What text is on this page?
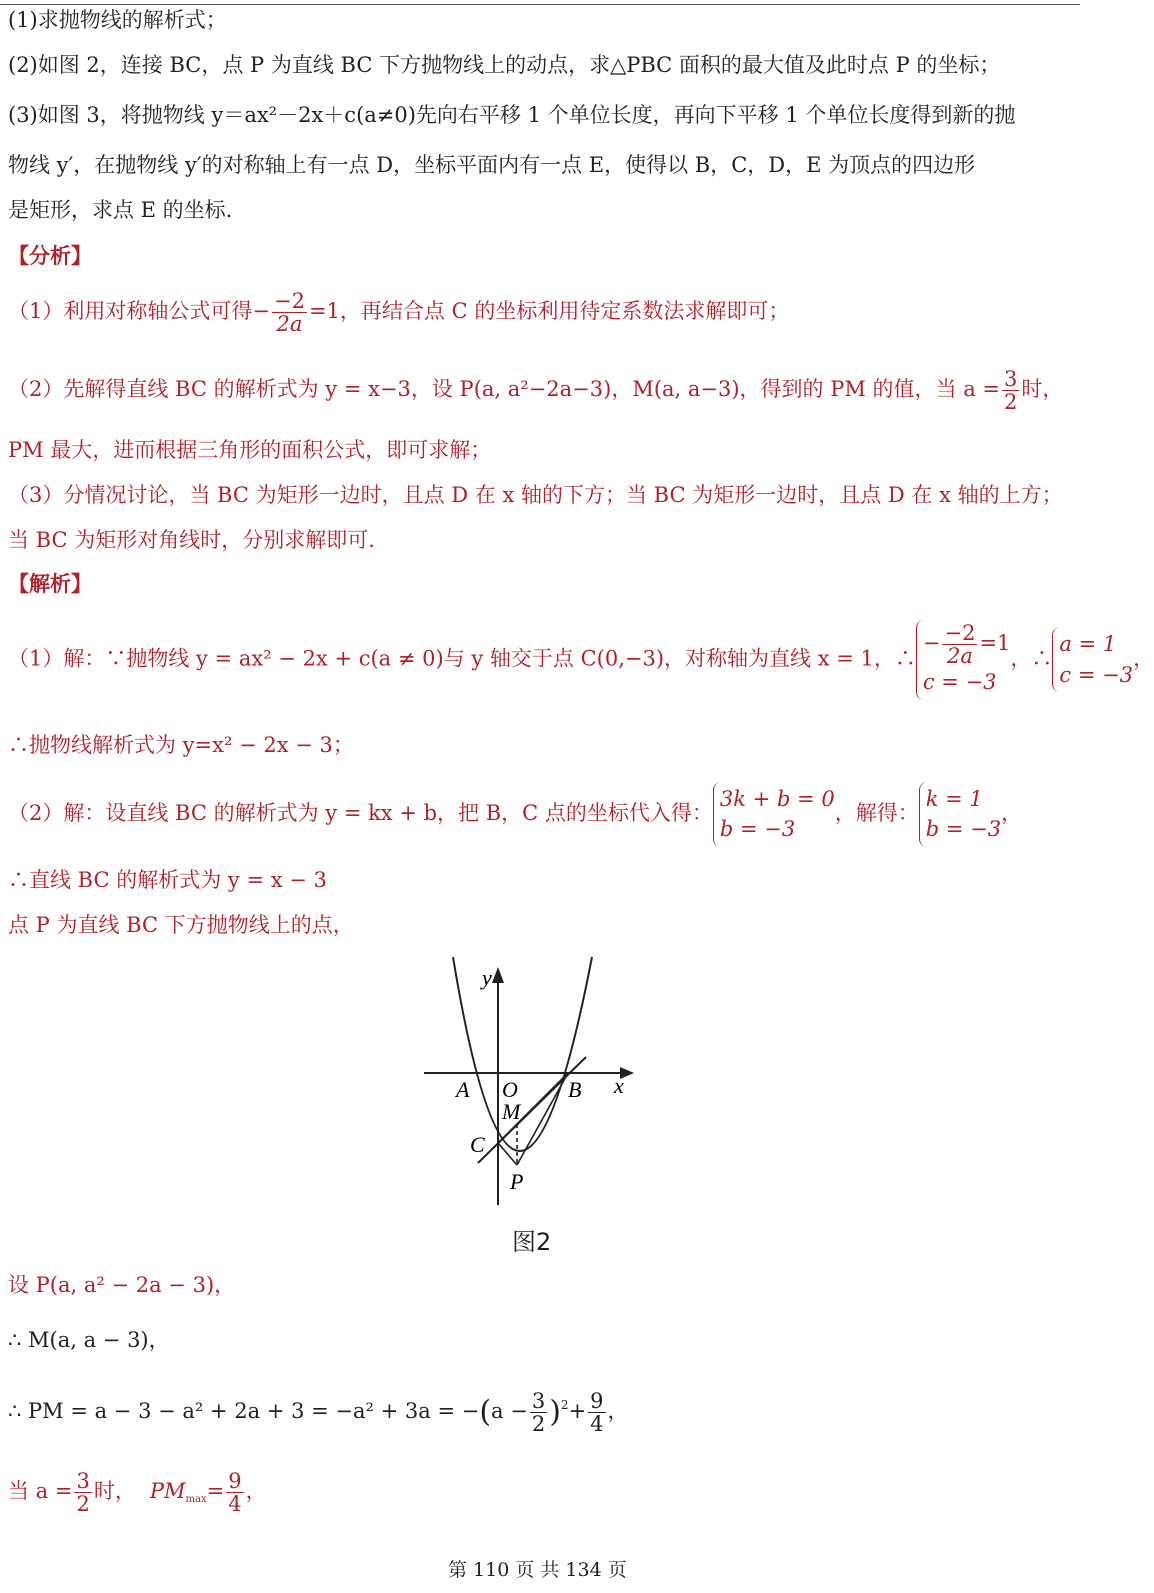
(1)求抛物线的解析式；
(2)如图 2，连接 BC，点 P 为直线 BC 下方抛物线上的动点，求△PBC 面积的最大值及此时点 P 的坐标；
(3)如图 3，将抛物线 y＝ax²－2x＋c(a≠0)先向右平移 1 个单位长度，再向下平移 1 个单位长度得到新的抛
物线 y′，在抛物线 y′的对称轴上有一点 D，坐标平面内有一点 E，使得以 B，C，D，E 为顶点的四边形
是矩形，求点 E 的坐标.
【分析】
（1）利用对称轴公式可得− $\frac{-2}{2a} =1$，再结合点 C 的坐标利用待定系数法求解即可；
（2）先解得直线 BC 的解析式为 y = x−3，设 P(a, a²−2a−3)，M(a, a−3)，得到的 PM 的值，当 $a = \frac{3}{2}$ 时，
PM 最大，进而根据三角形的面积公式，即可求解；
（3）分情况讨论，当 BC 为矩形一边时，且点 D 在 x 轴的下方；当 BC 为矩形一边时，且点 D 在 x 轴的上方；
当 BC 为矩形对角线时，分别求解即可.
【解析】
（1）解：∵抛物线 y = ax² − 2x + c(a ≠ 0)与 y 轴交于点 C(0,−3)，对称轴为直线 x = 1，∴
− $\frac{-2}{2a} =1$
c = −3
，∴
a = 1
c = −3
，
∴抛物线解析式为 y=x² − 2x − 3；
（2）解：设直线 BC 的解析式为 y = kx + b，把 B，C 点的坐标代入得：
3k + b = 0
b = −3
，解得：
k = 1
b = −3
，
∴直线 BC 的解析式为 y = x − 3
点 P 为直线 BC 下方抛物线上的点，
y
x
A O B
M
C
P
图2
设 P(a, a² − 2a − 3)，
∴ M(a, a − 3)，
∴ PM = $a - 3 - a^2 + 2a + 3 = -a^2 + 3a = -(a - \frac{3}{2} )^2+ \frac{9}{4}$ ，
当 $a = \frac{3}{2}$ 时， $PM_{max}= \frac{9}{4}$ ，
第 110 页 共 134 页
